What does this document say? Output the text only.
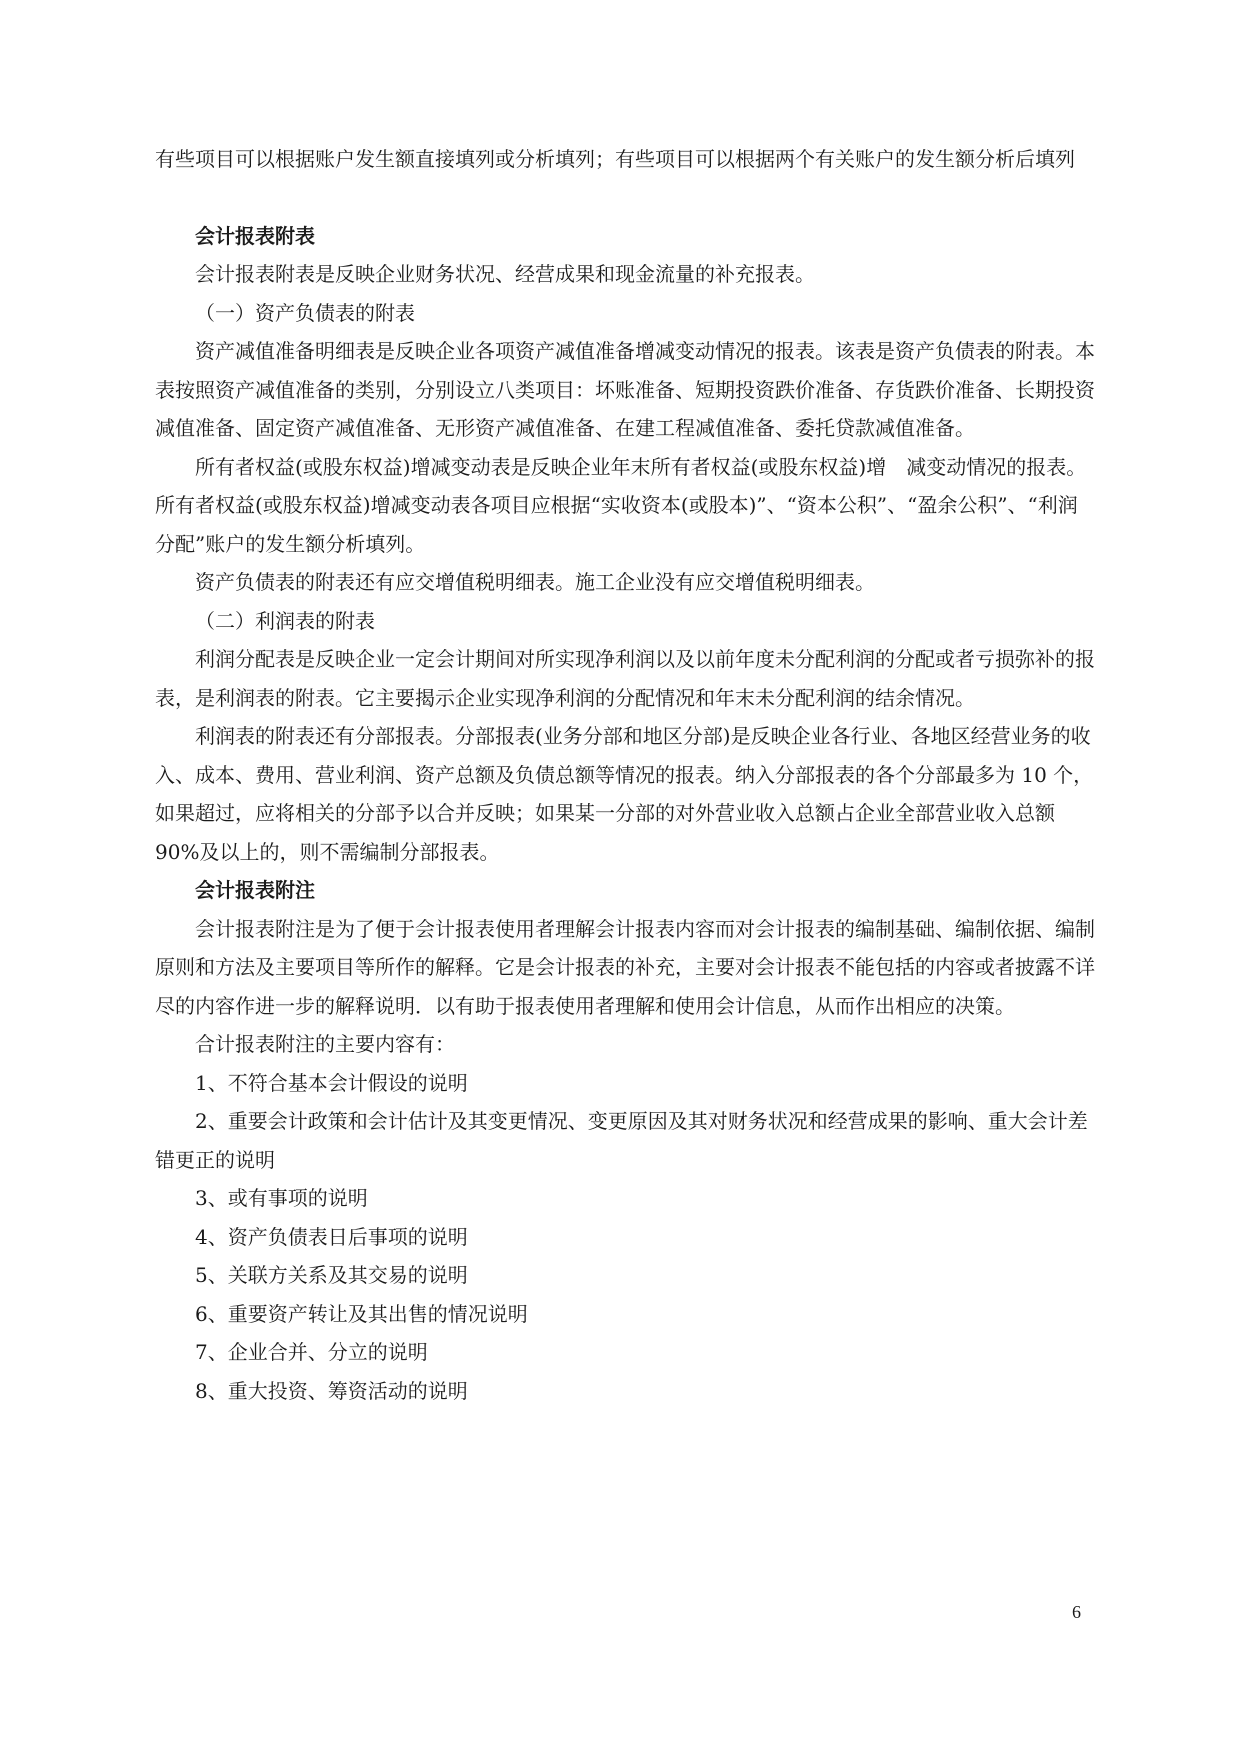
有些项目可以根据账户发生额直接填列或分析填列；有些项目可以根据两个有关账户的发生额分析后填列

会计报表附表

会计报表附表是反映企业财务状况、经营成果和现金流量的补充报表。

（一）资产负债表的附表

资产减值准备明细表是反映企业各项资产减值准备增减变动情况的报表。该表是资产负债表的附表。本表按照资产减值准备的类别，分别设立八类项目：坏账准备、短期投资跌价准备、存货跌价准备、长期投资减值准备、固定资产减值准备、无形资产减值准备、在建工程减值准备、委托贷款减值准备。

所有者权益(或股东权益)增减变动表是反映企业年末所有者权益(或股东权益)增　减变动情况的报表。所有者权益(或股东权益)增减变动表各项目应根据“实收资本(或股本)”、“资本公积”、“盈余公积”、“利润分配”账户的发生额分析填列。

资产负债表的附表还有应交增值税明细表。施工企业没有应交增值税明细表。

（二）利润表的附表

利润分配表是反映企业一定会计期间对所实现净利润以及以前年度未分配利润的分配或者亏损弥补的报表，是利润表的附表。它主要揭示企业实现净利润的分配情况和年末未分配利润的结余情况。

利润表的附表还有分部报表。分部报表(业务分部和地区分部)是反映企业各行业、各地区经营业务的收入、成本、费用、营业利润、资产总额及负债总额等情况的报表。纳入分部报表的各个分部最多为 10 个，如果超过，应将相关的分部予以合并反映；如果某一分部的对外营业收入总额占企业全部营业收入总额 90%及以上的，则不需编制分部报表。

会计报表附注

会计报表附注是为了便于会计报表使用者理解会计报表内容而对会计报表的编制基础、编制依据、编制原则和方法及主要项目等所作的解释。它是会计报表的补充，主要对会计报表不能包括的内容或者披露不详尽的内容作进一步的解释说明．以有助于报表使用者理解和使用会计信息，从而作出相应的决策。

合计报表附注的主要内容有：

1、不符合基本会计假设的说明

2、重要会计政策和会计估计及其变更情况、变更原因及其对财务状况和经营成果的影响、重大会计差错更正的说明

3、或有事项的说明

4、资产负债表日后事项的说明

5、关联方关系及其交易的说明

6、重要资产转让及其出售的情况说明

7、企业合并、分立的说明

8、重大投资、筹资活动的说明

6
